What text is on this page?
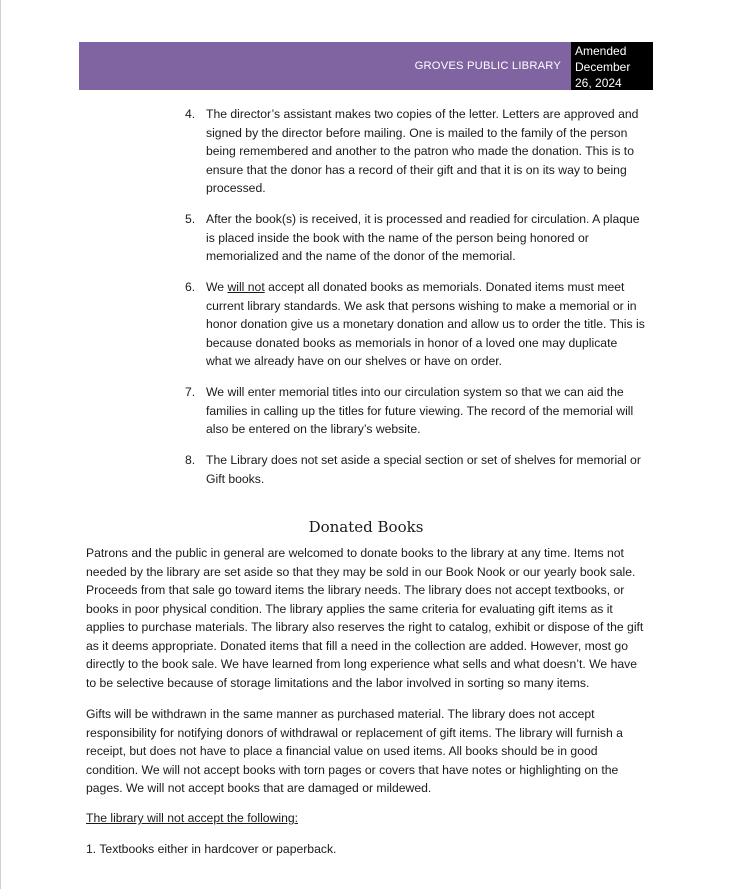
GROVES PUBLIC LIBRARY
Amended
December
26, 2024
4. The director’s assistant makes two copies of the letter. Letters are approved and signed by the director before mailing. One is mailed to the family of the person being remembered and another to the patron who made the donation. This is to ensure that the donor has a record of their gift and that it is on its way to being processed.
5. After the book(s) is received, it is processed and readied for circulation. A plaque is placed inside the book with the name of the person being honored or memorialized and the name of the donor of the memorial.
6. We will not accept all donated books as memorials. Donated items must meet current library standards. We ask that persons wishing to make a memorial or in honor donation give us a monetary donation and allow us to order the title. This is because donated books as memorials in honor of a loved one may duplicate what we already have on our shelves or have on order.
7. We will enter memorial titles into our circulation system so that we can aid the families in calling up the titles for future viewing. The record of the memorial will also be entered on the library’s website.
8. The Library does not set aside a special section or set of shelves for memorial or Gift books.
Donated Books

Patrons and the public in general are welcomed to donate books to the library at any time. Items not needed by the library are set aside so that they may be sold in our Book Nook or our yearly book sale. Proceeds from that sale go toward items the library needs. The library does not accept textbooks, or books in poor physical condition. The library applies the same criteria for evaluating gift items as it applies to purchase materials. The library also reserves the right to catalog, exhibit or dispose of the gift as it deems appropriate. Donated items that fill a need in the collection are added. However, most go directly to the book sale. We have learned from long experience what sells and what doesn’t. We have to be selective because of storage limitations and the labor involved in sorting so many items.

Gifts will be withdrawn in the same manner as purchased material. The library does not accept responsibility for notifying donors of withdrawal or replacement of gift items. The library will furnish a receipt, but does not have to place a financial value on used items. All books should be in good condition. We will not accept books with torn pages or covers that have notes or highlighting on the pages. We will not accept books that are damaged or mildewed.

The library will not accept the following:

1. Textbooks either in hardcover or paperback.
